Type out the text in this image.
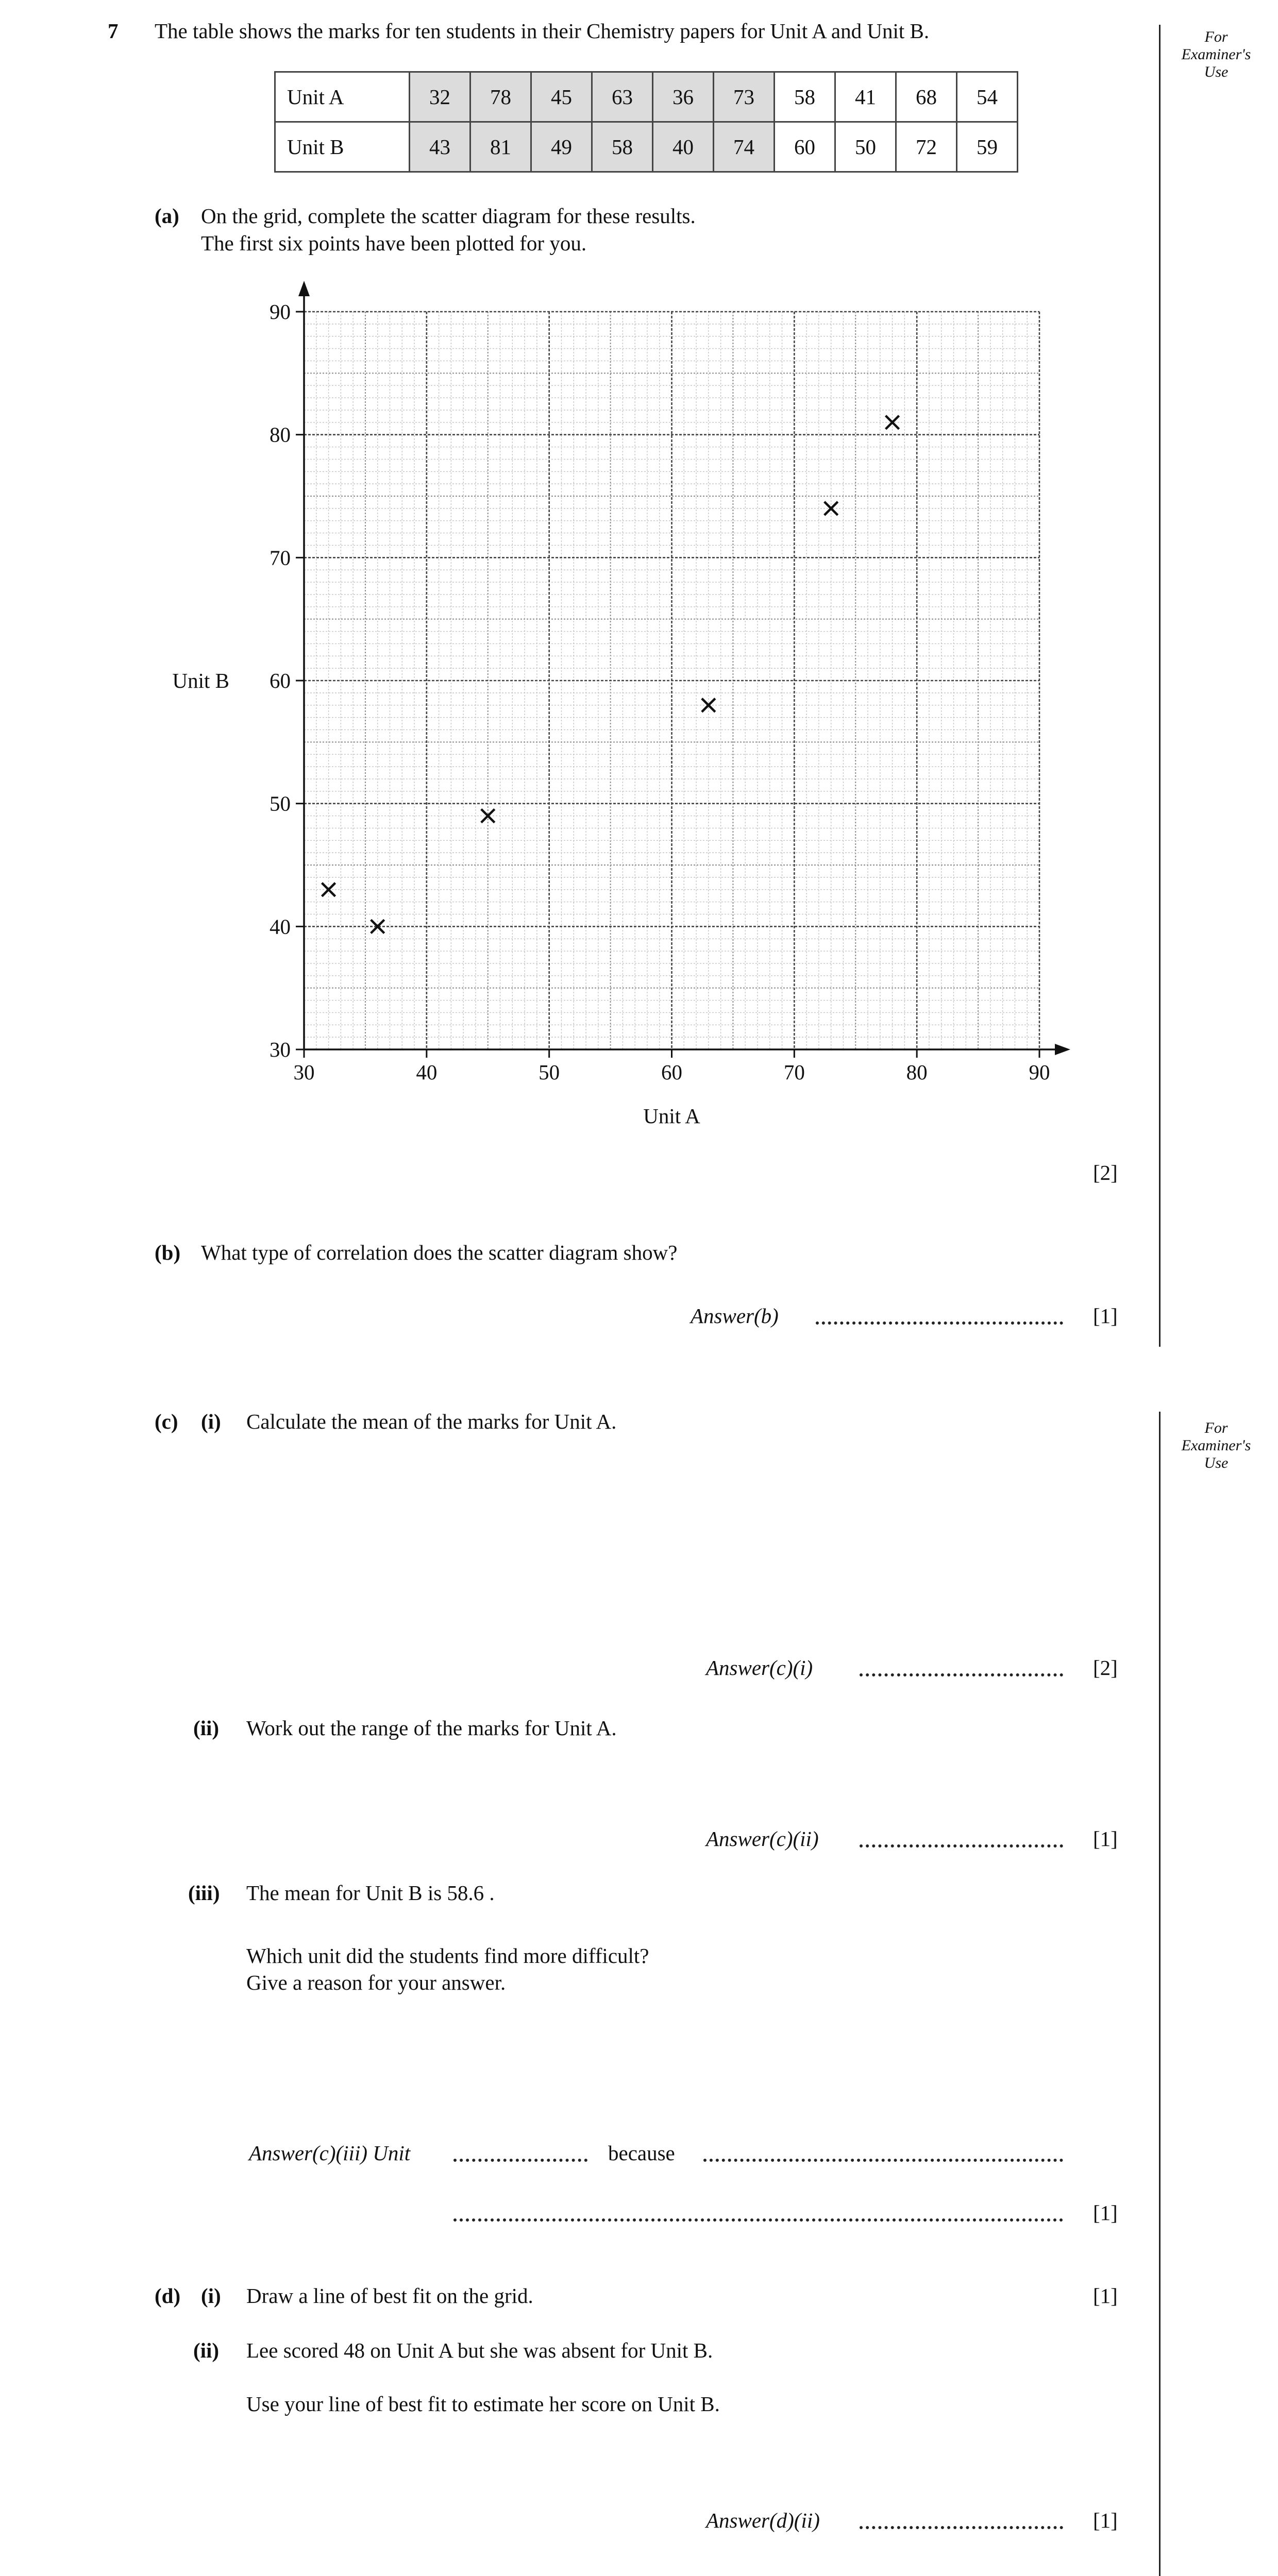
For Examiner's Use
For Examiner's Use
7 The table shows the marks for ten students in their Chemistry papers for Unit A and Unit B.
Unit A	32	78	45	63	36	73	58	41	68	54
Unit B	43	81	49	58	40	74	60	50	72	59
(a) On the grid, complete the scatter diagram for these results.
The first six points have been plotted for you.
30	40	50	60	70	80	90
30
40
50
60
70
80
90
Unit A
Unit B
[2]
(b) What type of correlation does the scatter diagram show?
Answer(b)	[1]
(c) (i) Calculate the mean of the marks for Unit A.
Answer(c)(i)	[2]
(ii) Work out the range of the marks for Unit A.
Answer(c)(ii)	[1]
(iii) The mean for Unit B is 58.6 .
Which unit did the students find more difficult?
Give a reason for your answer.
Answer(c)(iii) Unit	because
[1]
(d) (i) Draw a line of best fit on the grid.	[1]
(ii) Lee scored 48 on Unit A but she was absent for Unit B.
Use your line of best fit to estimate her score on Unit B.
Answer(d)(ii)	[1]
